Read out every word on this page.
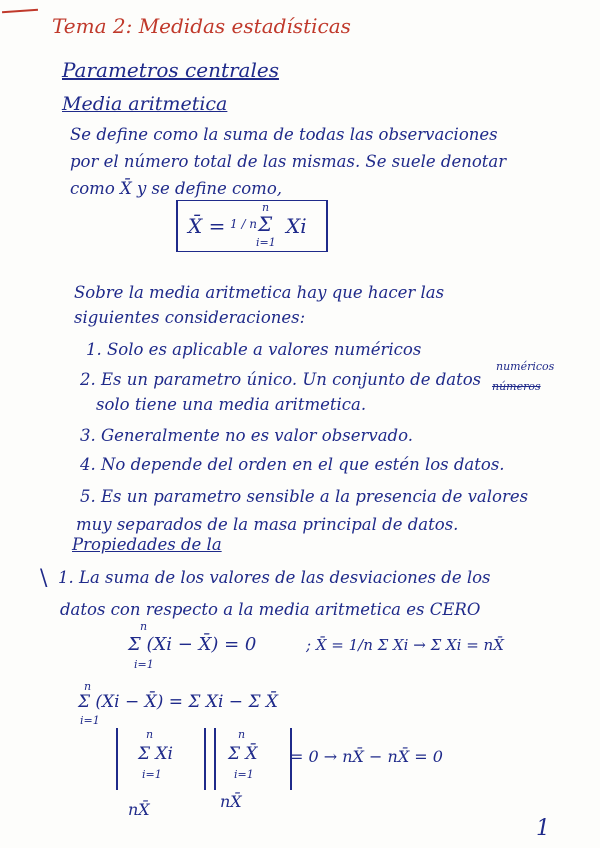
Tema 2: Medidas estadísticas
Parametros centrales
Media aritmetica
Se define como la suma de todas las observaciones
por el número total de las mismas. Se suele denotar
como X̄ y se define como,
X̄ = 1 / n
n
Σ
i=1
Xi
Sobre la media aritmetica hay que hacer las
siguientes consideraciones:
1. Solo es aplicable a valores numéricos
2. Es un parametro único. Un conjunto de datos
numéricos
números
solo tiene una media aritmetica.
3. Generalmente no es valor observado.
4. No depende del orden en el que estén los datos.
5. Es un parametro sensible a la presencia de valores
muy separados de la masa principal de datos.
Propiedades de la
\ 1. La suma de los valores de las desviaciones de los
datos con respecto a la media aritmetica es CERO
n
Σ (Xi − X̄) = 0
i=1
; X̄ = 1/n Σ Xi → Σ Xi = nX̄
n
Σ (Xi − X̄) = Σ Xi − Σ X̄
i=1
n
Σ Xi
i=1
n
Σ X̄
i=1
= 0 → nX̄ − nX̄ = 0
nX̄	nX̄
1
